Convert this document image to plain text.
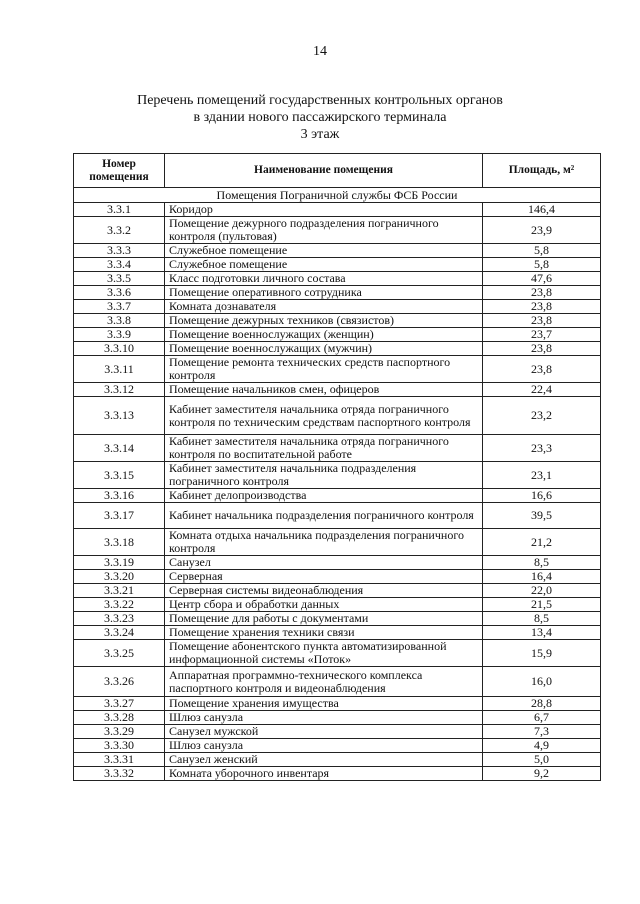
14
Перечень помещений государственных контрольных органов
в здании нового пассажирского терминала
3 этаж
Номер помещения	Наименование помещения	Площадь, м²
Помещения Пограничной службы ФСБ России		
3.3.1	Коридор	146,4
3.3.2	Помещение дежурного подразделения пограничного контроля (пультовая)	23,9
3.3.3	Служебное помещение	5,8
3.3.4	Служебное помещение	5,8
3.3.5	Класс подготовки личного состава	47,6
3.3.6	Помещение оперативного сотрудника	23,8
3.3.7	Комната дознавателя	23,8
3.3.8	Помещение дежурных техников (связистов)	23,8
3.3.9	Помещение военнослужащих (женщин)	23,7
3.3.10	Помещение военнослужащих (мужчин)	23,8
3.3.11	Помещение ремонта технических средств паспортного контроля	23,8
3.3.12	Помещение начальников смен, офицеров	22,4
3.3.13	Кабинет заместителя начальника отряда пограничного контроля по техническим средствам паспортного контроля	23,2
3.3.14	Кабинет заместителя начальника отряда пограничного контроля по воспитательной работе	23,3
3.3.15	Кабинет заместителя начальника подразделения пограничного контроля	23,1
3.3.16	Кабинет делопроизводства	16,6
3.3.17	Кабинет начальника подразделения пограничного контроля	39,5
3.3.18	Комната отдыха начальника подразделения пограничного контроля	21,2
3.3.19	Санузел	8,5
3.3.20	Серверная	16,4
3.3.21	Серверная системы видеонаблюдения	22,0
3.3.22	Центр сбора и обработки данных	21,5
3.3.23	Помещение для работы с документами	8,5
3.3.24	Помещение хранения техники связи	13,4
3.3.25	Помещение абонентского пункта автоматизированной информационной системы «Поток»	15,9
3.3.26	Аппаратная программно-технического комплекса паспортного контроля и видеонаблюдения	16,0
3.3.27	Помещение хранения имущества	28,8
3.3.28	Шлюз санузла	6,7
3.3.29	Санузел мужской	7,3
3.3.30	Шлюз санузла	4,9
3.3.31	Санузел женский	5,0
3.3.32	Комната уборочного инвентаря	9,2
